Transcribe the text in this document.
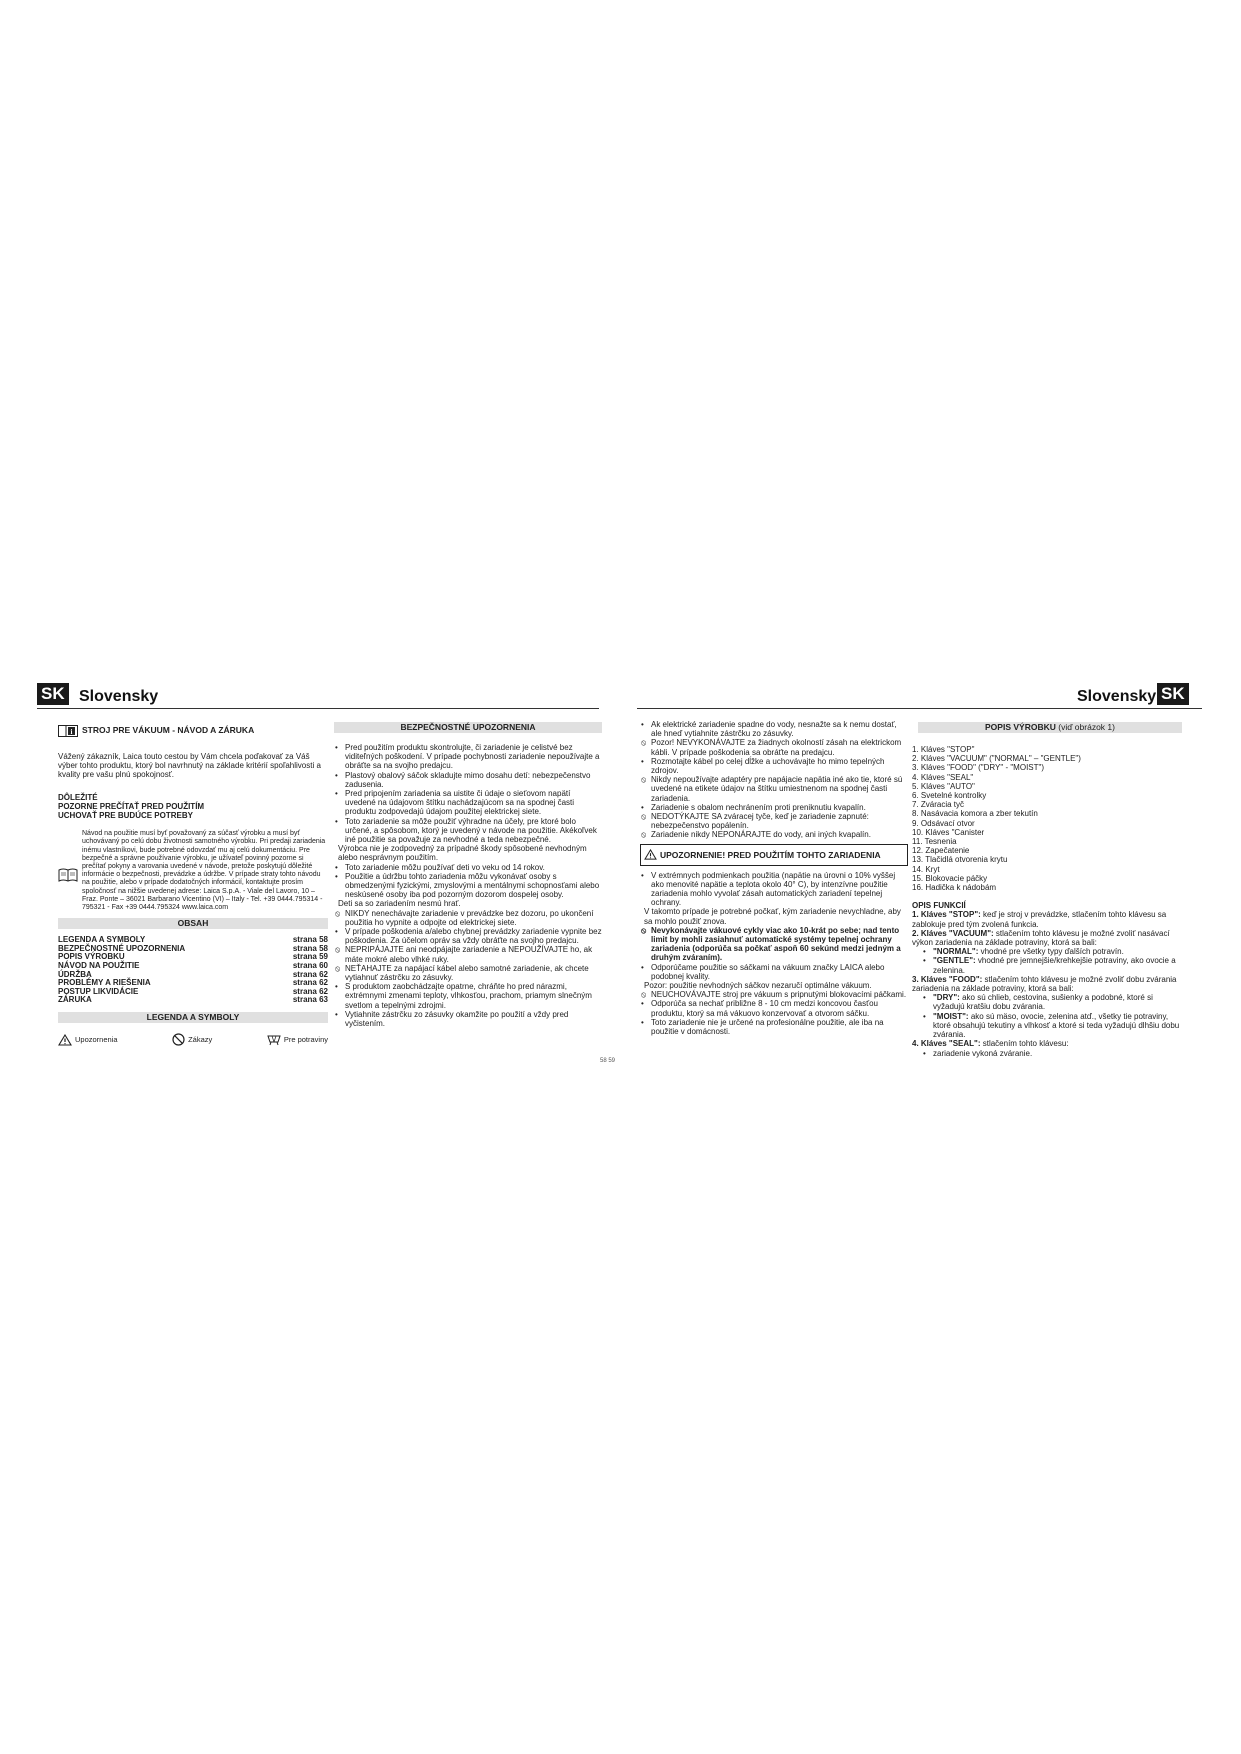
SK Slovensky	Slovensky SK
i STROJ PRE VÁKUUM - NÁVOD A ZÁRUKA

Vážený zákazník, Laica touto cestou by Vám chcela poďakovať za Váš výber tohto produktu, ktorý bol navrhnutý na základe kritérií spoľahlivosti a kvality pre vašu plnú spokojnosť.

DÔLEŽITÉ

POZORNE PREČÍTAŤ PRED POUŽITÍM

UCHOVAŤ PRE BUDÚCE POTREBY

Návod na použitie musí byť považovaný za súčasť výrobku a musí byť uchovávaný po celú dobu životnosti samotného výrobku. Pri predaji zariadenia inému vlastníkovi, bude potrebné odovzdať mu aj celú dokumentáciu. Pre bezpečné a správne používanie výrobku, je užívateľ povinný pozorne si prečítať pokyny a varovania uvedené v návode, pretože poskytujú dôležité informácie o bezpečnosti, prevádzke a údržbe. V prípade straty tohto návodu na použitie, alebo v prípade dodatočných informácií, kontaktujte prosím spoločnosť na nižšie uvedenej adrese: Laica S.p.A. - Viale del Lavoro, 10 – Fraz. Ponte – 36021 Barbarano Vicentino (VI) – Italy - Tel. +39 0444.795314 - 795321 - Fax +39 0444.795324 www.laica.com

OBSAH
LEGENDA A SYMBOLY	strana 58
BEZPEČNOSTNÉ UPOZORNENIA	strana 58
POPIS VÝROBKU	strana 59
NÁVOD NA POUŽITIE	strana 60
ÚDRŽBA	strana 62
PROBLÉMY A RIEŠENIA	strana 62
POSTUP LIKVIDÁCIE	strana 62
ZÁRUKA	strana 63
LEGENDA A SYMBOLY
Upozornenia	Zákazy	Pre potraviny
BEZPEČNOSTNÉ UPOZORNENIA
• Pred použitím produktu skontrolujte, či zariadenie je celistvé bez viditeľných poškodení. V prípade pochybnosti zariadenie nepoužívajte a obráťte sa na svojho predajcu.
• Plastový obalový sáčok skladujte mimo dosahu detí: nebezpečenstvo zadusenia.
• Pred pripojením zariadenia sa uistite či údaje o sieťovom napätí uvedené na údajovom štítku nachádzajúcom sa na spodnej časti produktu zodpovedajú údajom použitej elektrickej siete.
• Toto zariadenie sa môže použiť výhradne na účely, pre ktoré bolo určené, a spôsobom, ktorý je uvedený v návode na použitie. Akékoľvek iné použitie sa považuje za nevhodné a teda nebezpečné.
Výrobca nie je zodpovedný za prípadné škody spôsobené nevhodným alebo nesprávnym použitím.
• Toto zariadenie môžu používať deti vo veku od 14 rokov.
• Použitie a údržbu tohto zariadenia môžu vykonávať osoby s obmedzenými fyzickými, zmyslovými a mentálnymi schopnosťami alebo neskúsené osoby iba pod pozorným dozorom dospelej osoby.
Deti sa so zariadením nesmú hrať.
⦸ NIKDY nenechávajte zariadenie v prevádzke bez dozoru, po ukončení použitia ho vypnite a odpojte od elektrickej siete.
• V prípade poškodenia a/alebo chybnej prevádzky zariadenie vypnite bez poškodenia. Za účelom opráv sa vždy obráťte na svojho predajcu.
⦸ NEPRIPÁJAJTE ani neodpájajte zariadenie a NEPOUŽÍVAJTE ho, ak máte mokré alebo vlhké ruky.
⦸ NEŤAHAJTE za napájací kábel alebo samotné zariadenie, ak chcete vytiahnuť zástrčku zo zásuvky.
• S produktom zaobchádzajte opatrne, chráňte ho pred nárazmi, extrémnymi zmenami teploty, vlhkosťou, prachom, priamym slnečným svetlom a tepelnými zdrojmi.
• Vytiahnite zástrčku zo zásuvky okamžite po použití a vždy pred vyčistením.
58 59
• Ak elektrické zariadenie spadne do vody, nesnažte sa k nemu dostať, ale hneď vytiahnite zástrčku zo zásuvky.
⦸ Pozor! NEVYKONÁVAJTE za žiadnych okolností zásah na elektrickom kábli. V prípade poškodenia sa obráťte na predajcu.
• Rozmotajte kábel po celej dĺžke a uchovávajte ho mimo tepelných zdrojov.
⦸ Nikdy nepoužívajte adaptéry pre napájacie napätia iné ako tie, ktoré sú uvedené na etikete údajov na štítku umiestnenom na spodnej časti zariadenia.
• Zariadenie s obalom nechránením proti preniknutiu kvapalín.
⦸ NEDOTÝKAJTE SA zváracej tyče, keď je zariadenie zapnuté: nebezpečenstvo popálenín.
⦸ Zariadenie nikdy NEPONÁRAJTE do vody, ani iných kvapalín.
UPOZORNENIE! PRED POUŽITÍM TOHTO ZARIADENIA
• V extrémnych podmienkach použitia (napätie na úrovni o 10% vyššej ako menovité napätie a teplota okolo 40° C), by intenzívne použitie zariadenia mohlo vyvolať zásah automatických zariadení tepelnej ochrany.
V takomto prípade je potrebné počkať, kým zariadenie nevychladne, aby sa mohlo použiť znova.
⦸ Nevykonávajte vákuové cykly viac ako 10-krát po sebe; nad tento limit by mohli zasiahnuť automatické systémy tepelnej ochrany zariadenia (odporúča sa počkať aspoň 60 sekúnd medzi jedným a druhým zváraním).
• Odporúčame použitie so sáčkami na vákuum značky LAICA alebo podobnej kvality.
Pozor: použitie nevhodných sáčkov nezaručí optimálne vákuum.
⦸ NEUCHOVÁVAJTE stroj pre vákuum s pripnutými blokovacími páčkami.
• Odporúča sa nechať približne 8 - 10 cm medzi koncovou časťou produktu, ktorý sa má vákuovo konzervovať a otvorom sáčku.
• Toto zariadenie nie je určené na profesionálne použitie, ale iba na použitie v domácnosti.
POPIS VÝROBKU (viď obrázok 1)
1. Kláves "STOP"
2. Kláves "VACUUM" ("NORMAL" – "GENTLE")
3. Kláves "FOOD" ("DRY" - "MOIST")
4. Kláves "SEAL"
5. Kláves "AUTO"
6. Svetelné kontrolky
7. Zváracia tyč
8. Nasávacia komora a zber tekutín
9. Odsávací otvor
10. Kláves "Canister
11. Tesnenia
12. Zapečatenie
13. Tlačidlá otvorenia krytu
14. Kryt
15. Blokovacie páčky
16. Hadička k nádobám

OPIS FUNKCIÍ

1. Kláves "STOP": keď je stroj v prevádzke, stlačením tohto klávesu sa zablokuje pred tým zvolená funkcia.

2. Kláves "VACUUM": stlačením tohto klávesu je možné zvoliť nasávací výkon zariadenia na základe potraviny, ktorá sa bali:

• "NORMAL": vhodné pre všetky typy ďalších potravín.
• "GENTLE": vhodné pre jemnejšie/krehkejšie potraviny, ako ovocie a zelenina.

3. Kláves "FOOD": stlačením tohto klávesu je možné zvoliť dobu zvárania zariadenia na základe potraviny, ktorá sa bali:

• "DRY": ako sú chlieb, cestovina, sušienky a podobné, ktoré si vyžadujú kratšiu dobu zvárania.
• "MOIST": ako sú mäso, ovocie, zelenina atď., všetky tie potraviny, ktoré obsahujú tekutiny a vlhkosť a ktoré si teda vyžadujú dlhšiu dobu zvárania.

4. Kláves "SEAL": stlačením tohto klávesu:

• zariadenie vykoná zváranie.
